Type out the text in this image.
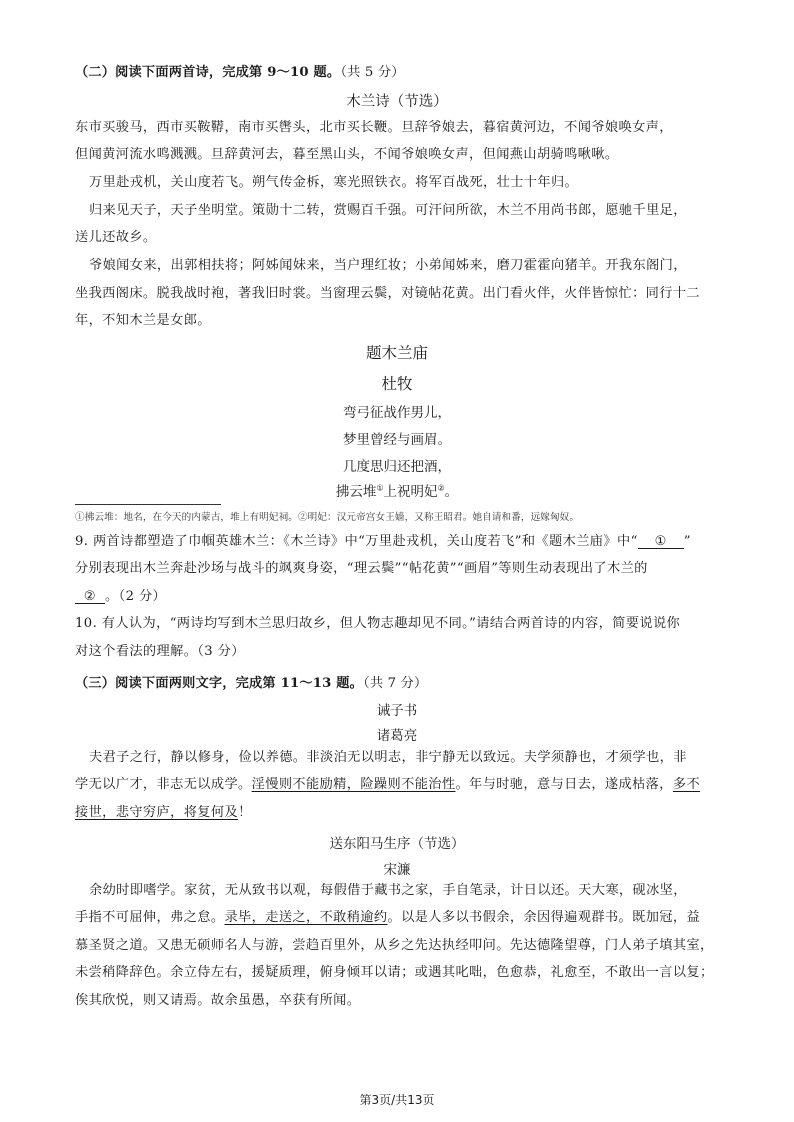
（二）阅读下面两首诗，完成第 9～10 题。（共 5 分）
木兰诗（节选）
东市买骏马，西市买鞍鞯，南市买辔头，北市买长鞭。旦辞爷娘去，暮宿黄河边，不闻爷娘唤女声，
但闻黄河流水鸣溅溅。旦辞黄河去，暮至黑山头，不闻爷娘唤女声，但闻燕山胡骑鸣啾啾。
万里赴戎机，关山度若飞。朔气传金柝，寒光照铁衣。将军百战死，壮士十年归。
归来见天子，天子坐明堂。策勋十二转，赏赐百千强。可汗问所欲，木兰不用尚书郎，愿驰千里足，
送儿还故乡。
爷娘闻女来，出郭相扶将；阿姊闻妹来，当户理红妆；小弟闻姊来，磨刀霍霍向猪羊。开我东阁门，
坐我西阁床。脱我战时袍，著我旧时裳。当窗理云鬓，对镜帖花黄。出门看火伴，火伴皆惊忙：同行十二
年，不知木兰是女郎。
题木兰庙
杜牧
弯弓征战作男儿，
梦里曾经与画眉。
几度思归还把酒，
拂云堆①上祝明妃②。
①拂云堆：地名，在今天的内蒙古，堆上有明妃祠。②明妃：汉元帝宫女王嫱，又称王昭君。她自请和番，远嫁匈奴。
9. 两首诗都塑造了巾帼英雄木兰：《木兰诗》中“万里赴戎机，关山度若飞”和《题木兰庙》中“ ① ”
分别表现出木兰奔赴沙场与战斗的飒爽身姿，“理云鬓”“帖花黄”“画眉”等则生动表现出了木兰的
② 。（2 分）
10. 有人认为，“两诗均写到木兰思归故乡，但人物志趣却见不同。”请结合两首诗的内容，简要说说你
对这个看法的理解。（3 分）
（三）阅读下面两则文字，完成第 11～13 题。（共 7 分）
诫子书
诸葛亮
夫君子之行，静以修身，俭以养德。非淡泊无以明志，非宁静无以致远。夫学须静也，才须学也，非
学无以广才，非志无以成学。淫慢则不能励精，险躁则不能治性。年与时驰，意与日去，遂成枯落，多不
接世，悲守穷庐，将复何及！
送东阳马生序（节选）
宋濂
余幼时即嗜学。家贫，无从致书以观，每假借于藏书之家，手自笔录，计日以还。天大寒，砚冰坚，
手指不可屈伸，弗之怠。录毕，走送之，不敢稍逾约。以是人多以书假余，余因得遍观群书。既加冠，益
慕圣贤之道。又患无硕师名人与游，尝趋百里外，从乡之先达执经叩问。先达德隆望尊，门人弟子填其室，
未尝稍降辞色。余立侍左右，援疑质理，俯身倾耳以请；或遇其叱咄，色愈恭，礼愈至，不敢出一言以复；
俟其欣悦，则又请焉。故余虽愚，卒获有所闻。
第3页/共13页
